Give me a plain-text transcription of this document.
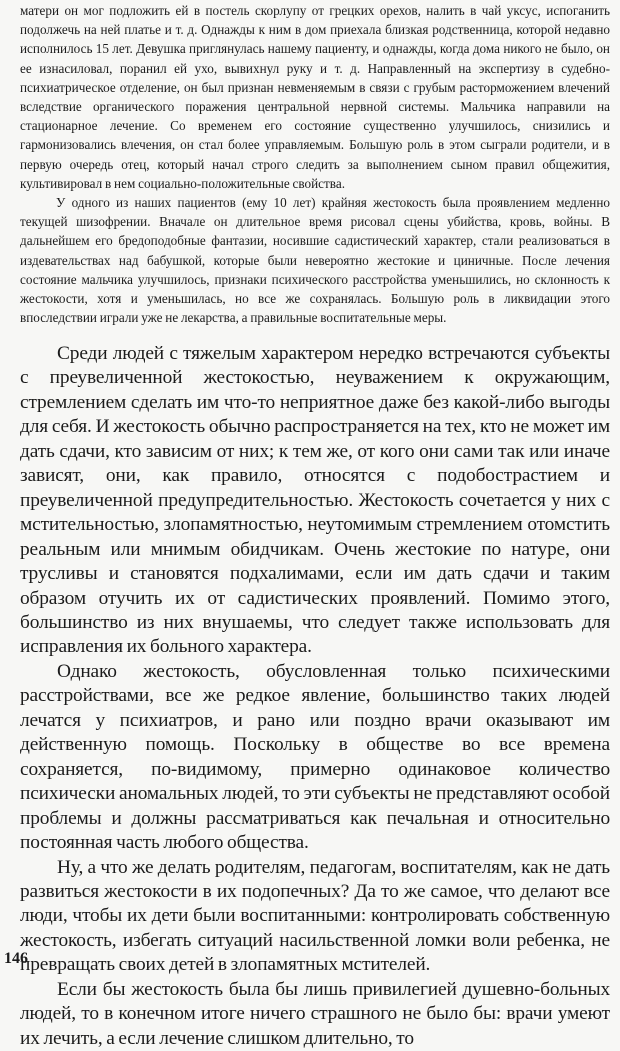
матери он мог подложить ей в постель скорлупу от грецких орехов, налить в чай уксус, испоганить подолжечь на ней платье и т. д. Однажды к ним в дом приехала близкая родственница, которой недавно исполнилось 15 лет. Девушка приглянулась нашему пациенту, и однажды, когда дома никого не было, он ее изнасиловал, поранил ей ухо, вывихнул руку и т. д. Направленный на экспертизу в судебно-психиатрическое отделение, он был признан невменяемым в связи с грубым расторможением влечений вследствие органического поражения центральной нервной системы. Мальчика направили на стационарное лечение. Со временем его состояние существенно улучшилось, снизились и гармонизовались влечения, он стал более управляемым. Большую роль в этом сыграли родители, и в первую очередь отец, который начал строго следить за выполнением сыном правил общежития, культивировал в нем социально-положительные свойства.

У одного из наших пациентов (ему 10 лет) крайняя жестокость была проявлением медленно текущей шизофрении. Вначале он длительное время рисовал сцены убийства, кровь, войны. В дальнейшем его бредоподобные фантазии, носившие садистический характер, стали реализоваться в издевательствах над бабушкой, которые были невероятно жестокие и циничные. После лечения состояние мальчика улучшилось, признаки психического расстройства уменьшились, но склонность к жестокости, хотя и уменьшилась, но все же сохранялась. Большую роль в ликвидации этого впоследствии играли уже не лекарства, а правильные воспитательные меры.

Среди людей с тяжелым характером нередко встречаются субъекты с преувеличенной жестокостью, неуважением к окружающим, стремлением сделать им что-то неприятное даже без какой-либо выгоды для себя. И жестокость обычно распространяется на тех, кто не может им дать сдачи, кто зависим от них; к тем же, от кого они сами так или иначе зависят, они, как правило, относятся с подобострастием и преувеличенной предупредительностью. Жестокость сочетается у них с мстительностью, злопамятностью, неутомимым стремлением отомстить реальным или мнимым обидчикам. Очень жестокие по натуре, они трусливы и становятся подхалимами, если им дать сдачи и таким образом отучить их от садистических проявлений. Помимо этого, большинство из них внушаемы, что следует также использовать для исправления их больного характера.

Однако жестокость, обусловленная только психическими расстройствами, все же редкое явление, большинство таких людей лечатся у психиатров, и рано или поздно врачи оказывают им действенную помощь. Поскольку в обществе во все времена сохраняется, по-видимому, примерно одинаковое количество психически аномальных людей, то эти субъекты не представляют особой проблемы и должны рассматриваться как печальная и относительно постоянная часть любого общества.

Ну, а что же делать родителям, педагогам, воспитателям, как не дать развиться жестокости в их подопечных? Да то же самое, что делают все люди, чтобы их дети были воспитанными: контролировать собственную жестокость, избегать ситуаций насильственной ломки воли ребенка, не превращать своих детей в злопамятных мстителей.

Если бы жестокость была бы лишь привилегией душевно-больных людей, то в конечном итоге ничего страшного не было бы: врачи умеют их лечить, а если лечение слишком длительно, то

146
